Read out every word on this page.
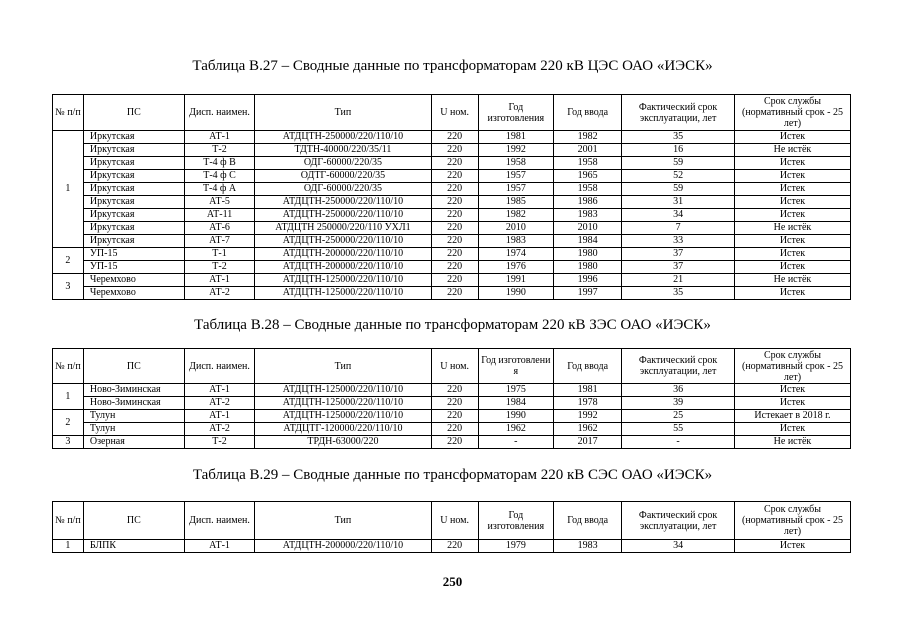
Таблица В.27 – Сводные данные по трансформаторам 220 кВ ЦЭС ОАО «ИЭСК»
№ п/п	ПС	Дисп. наимен.	Тип	U ном.	Год изготовления	Год ввода	Фактический срок эксплуатации, лет	Срок службы (нормативный срок - 25 лет)
1	Иркутская	АТ-1	АТДЦТН-250000/220/110/10	220	1981	1982	35	Истек
	Иркутская	Т-2	ТДТН-40000/220/35/11	220	1992	2001	16	Не истёк
	Иркутская	Т-4 ф В	ОДГ-60000/220/35	220	1958	1958	59	Истек
	Иркутская	Т-4 ф С	ОДТГ-60000/220/35	220	1957	1965	52	Истек
	Иркутская	Т-4 ф А	ОДГ-60000/220/35	220	1957	1958	59	Истек
	Иркутская	АТ-5	АТДЦТН-250000/220/110/10	220	1985	1986	31	Истек
	Иркутская	АТ-11	АТДЦТН-250000/220/110/10	220	1982	1983	34	Истек
	Иркутская	АТ-6	АТДЦТН 250000/220/110 УХЛ1	220	2010	2010	7	Не истёк
	Иркутская	АТ-7	АТДЦТН-250000/220/110/10	220	1983	1984	33	Истек
2	УП-15	Т-1	АТДЦТН-200000/220/110/10	220	1974	1980	37	Истек
	УП-15	Т-2	АТДЦТН-200000/220/110/10	220	1976	1980	37	Истек
3	Черемхово	АТ-1	АТДЦТН-125000/220/110/10	220	1991	1996	21	Не истёк
	Черемхово	АТ-2	АТДЦТН-125000/220/110/10	220	1990	1997	35	Истек
Таблица В.28 – Сводные данные по трансформаторам 220 кВ ЗЭС ОАО «ИЭСК»
№ п/п	ПС	Дисп. наимен.	Тип	U ном.	Год изготовлени я	Год ввода	Фактический срок эксплуатации, лет	Срок службы (нормативный срок - 25 лет)
1	Ново-Зиминская	АТ-1	АТДЦТН-125000/220/110/10	220	1975	1981	36	Истек
	Ново-Зиминская	АТ-2	АТДЦТН-125000/220/110/10	220	1984	1978	39	Истек
2	Тулун	АТ-1	АТДЦТН-125000/220/110/10	220	1990	1992	25	Истекает в 2018 г.
	Тулун	АТ-2	АТДЦТГ-120000/220/110/10	220	1962	1962	55	Истек
3	Озерная	Т-2	ТРДН-63000/220	220	-	2017	-	Не истёк
Таблица В.29 – Сводные данные по трансформаторам 220 кВ СЭС ОАО «ИЭСК»
№ п/п	ПС	Дисп. наимен.	Тип	U ном.	Год изготовления	Год ввода	Фактический срок эксплуатации, лет	Срок службы (нормативный срок - 25 лет)
1	БЛПК	АТ-1	АТДЦТН-200000/220/110/10	220	1979	1983	34	Истек
250
